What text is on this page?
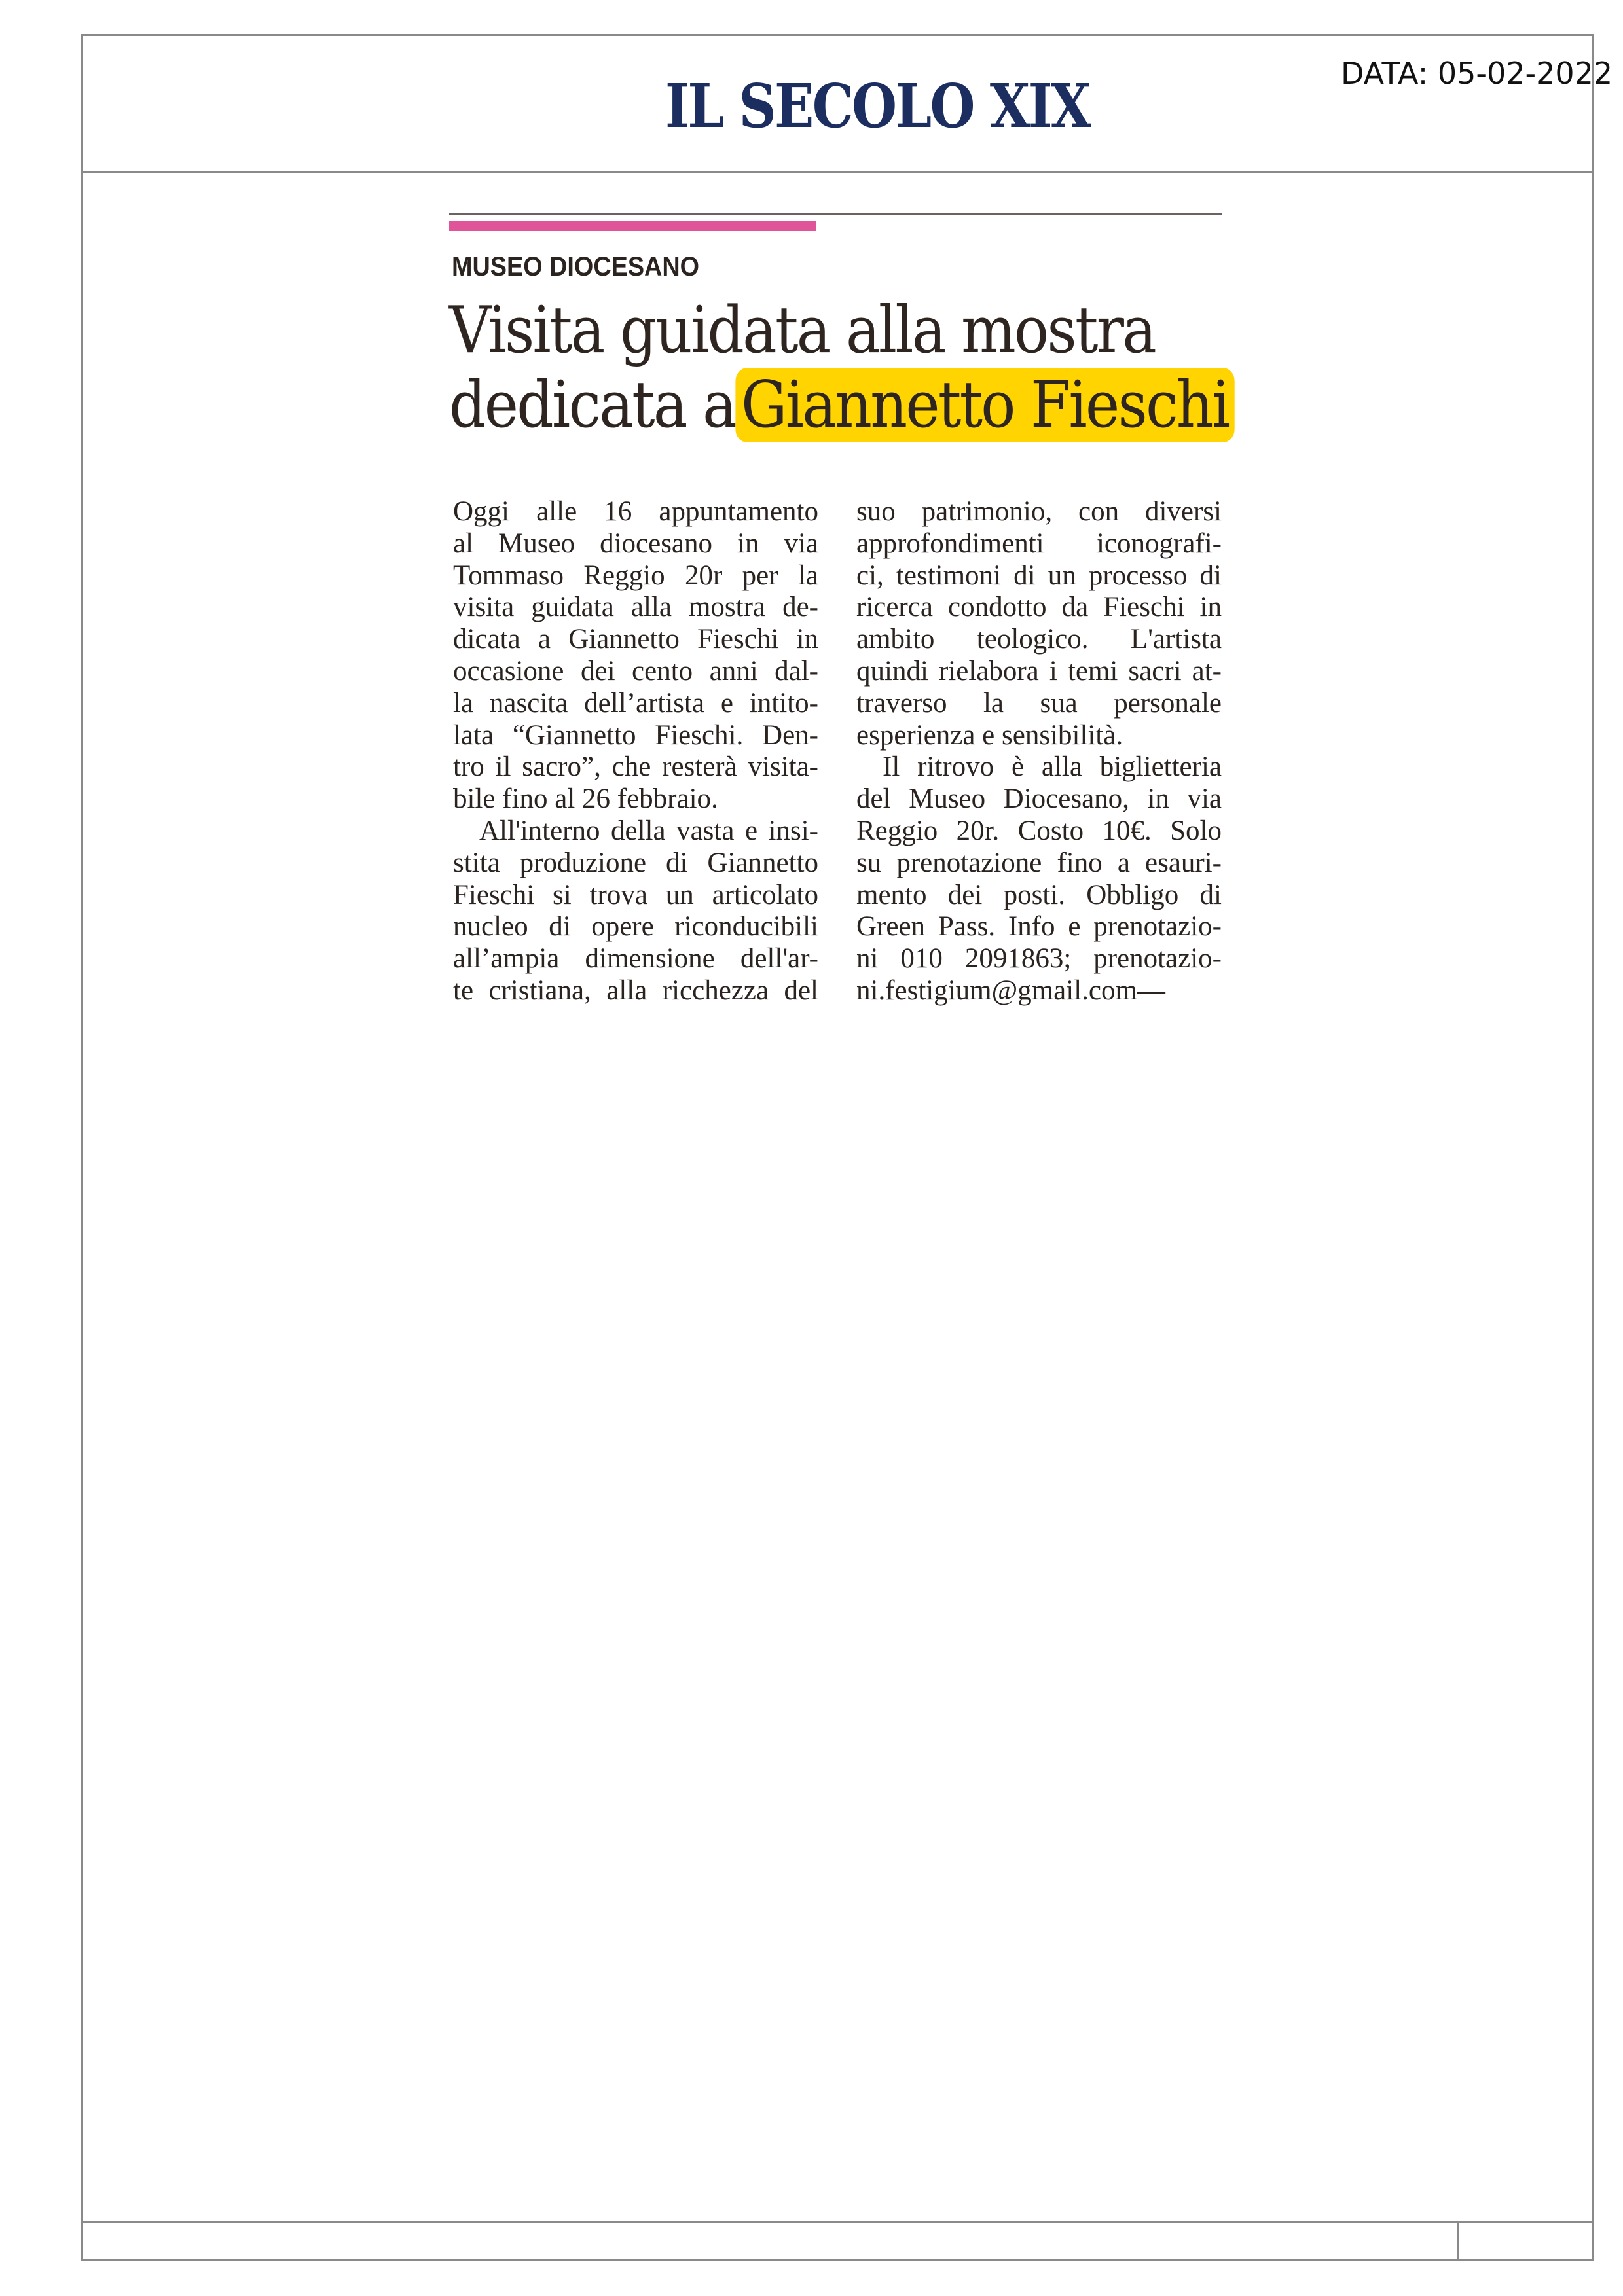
IL SECOLO XIX	DATA: 05-02-2022
MUSEO DIOCESANO
Visita guidata alla mostra
dedicata aGiannetto Fieschi
Oggi alle 16 appuntamento
al Museo diocesano in via
Tommaso Reggio 20r per la
visita guidata alla mostra de-
dicata a Giannetto Fieschi in
occasione dei cento anni dal-
la nascita dell’artista e intito-
lata “Giannetto Fieschi. Den-
tro il sacro”, che resterà visita-
bile fino al 26 febbraio.
All'interno della vasta e insi-
stita produzione di Giannetto
Fieschi si trova un articolato
nucleo di opere riconducibili
all’ampia dimensione dell'ar-
te cristiana, alla ricchezza del
suo patrimonio, con diversi
approfondimenti iconografi-
ci, testimoni di un processo di
ricerca condotto da Fieschi in
ambito teologico. L'artista
quindi rielabora i temi sacri at-
traverso la sua personale
esperienza e sensibilità.
Il ritrovo è alla biglietteria
del Museo Diocesano, in via
Reggio 20r. Costo 10€. Solo
su prenotazione fino a esauri-
mento dei posti. Obbligo di
Green Pass. Info e prenotazio-
ni 010 2091863; prenotazio-
ni.festigium@gmail.com—
